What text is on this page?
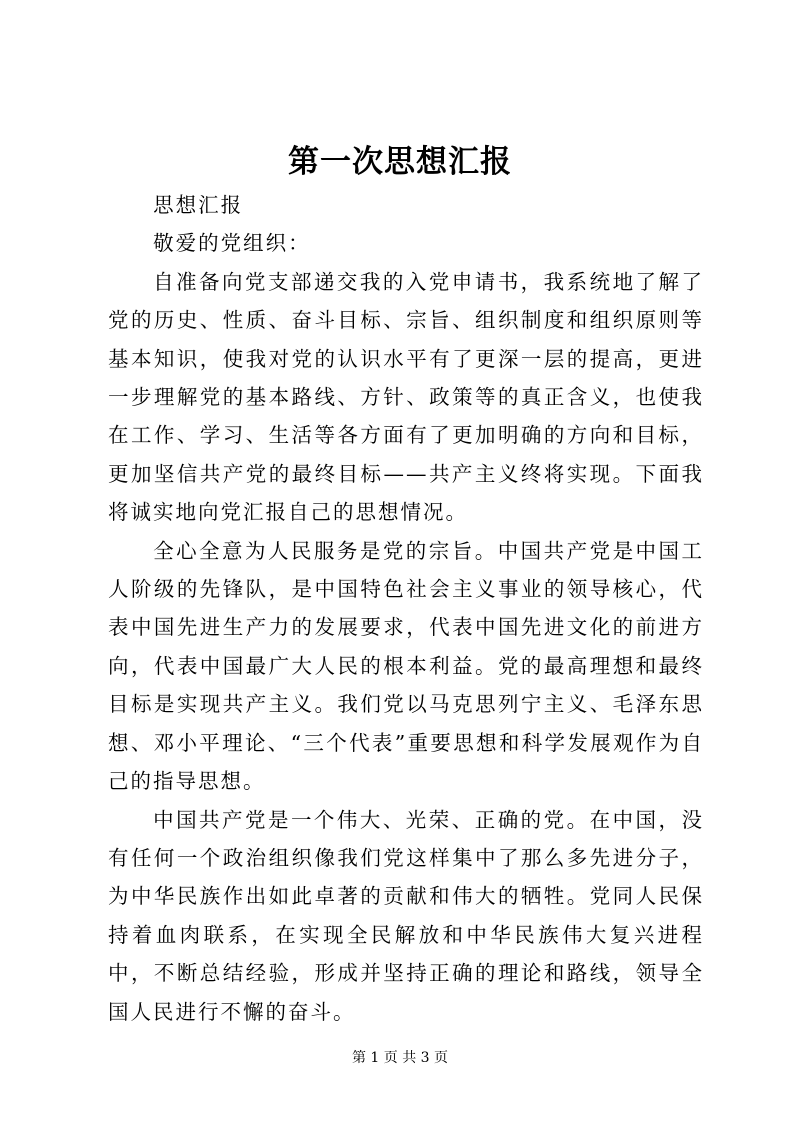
第一次思想汇报

思想汇报

敬爱的党组织：

自准备向党支部递交我的入党申请书，我系统地了解了党的历史、性质、奋斗目标、宗旨、组织制度和组织原则等基本知识，使我对党的认识水平有了更深一层的提高，更进一步理解党的基本路线、方针、政策等的真正含义，也使我在工作、学习、生活等各方面有了更加明确的方向和目标，更加坚信共产党的最终目标——共产主义终将实现。下面我将诚实地向党汇报自己的思想情况。

全心全意为人民服务是党的宗旨。中国共产党是中国工人阶级的先锋队，是中国特色社会主义事业的领导核心，代表中国先进生产力的发展要求，代表中国先进文化的前进方向，代表中国最广大人民的根本利益。党的最高理想和最终目标是实现共产主义。我们党以马克思列宁主义、毛泽东思想、邓小平理论、“三个代表”重要思想和科学发展观作为自己的指导思想。

中国共产党是一个伟大、光荣、正确的党。在中国，没有任何一个政治组织像我们党这样集中了那么多先进分子，为中华民族作出如此卓著的贡献和伟大的牺牲。党同人民保持着血肉联系，在实现全民解放和中华民族伟大复兴进程中，不断总结经验，形成并坚持正确的理论和路线，领导全国人民进行不懈的奋斗。

第 1 页 共 3 页
